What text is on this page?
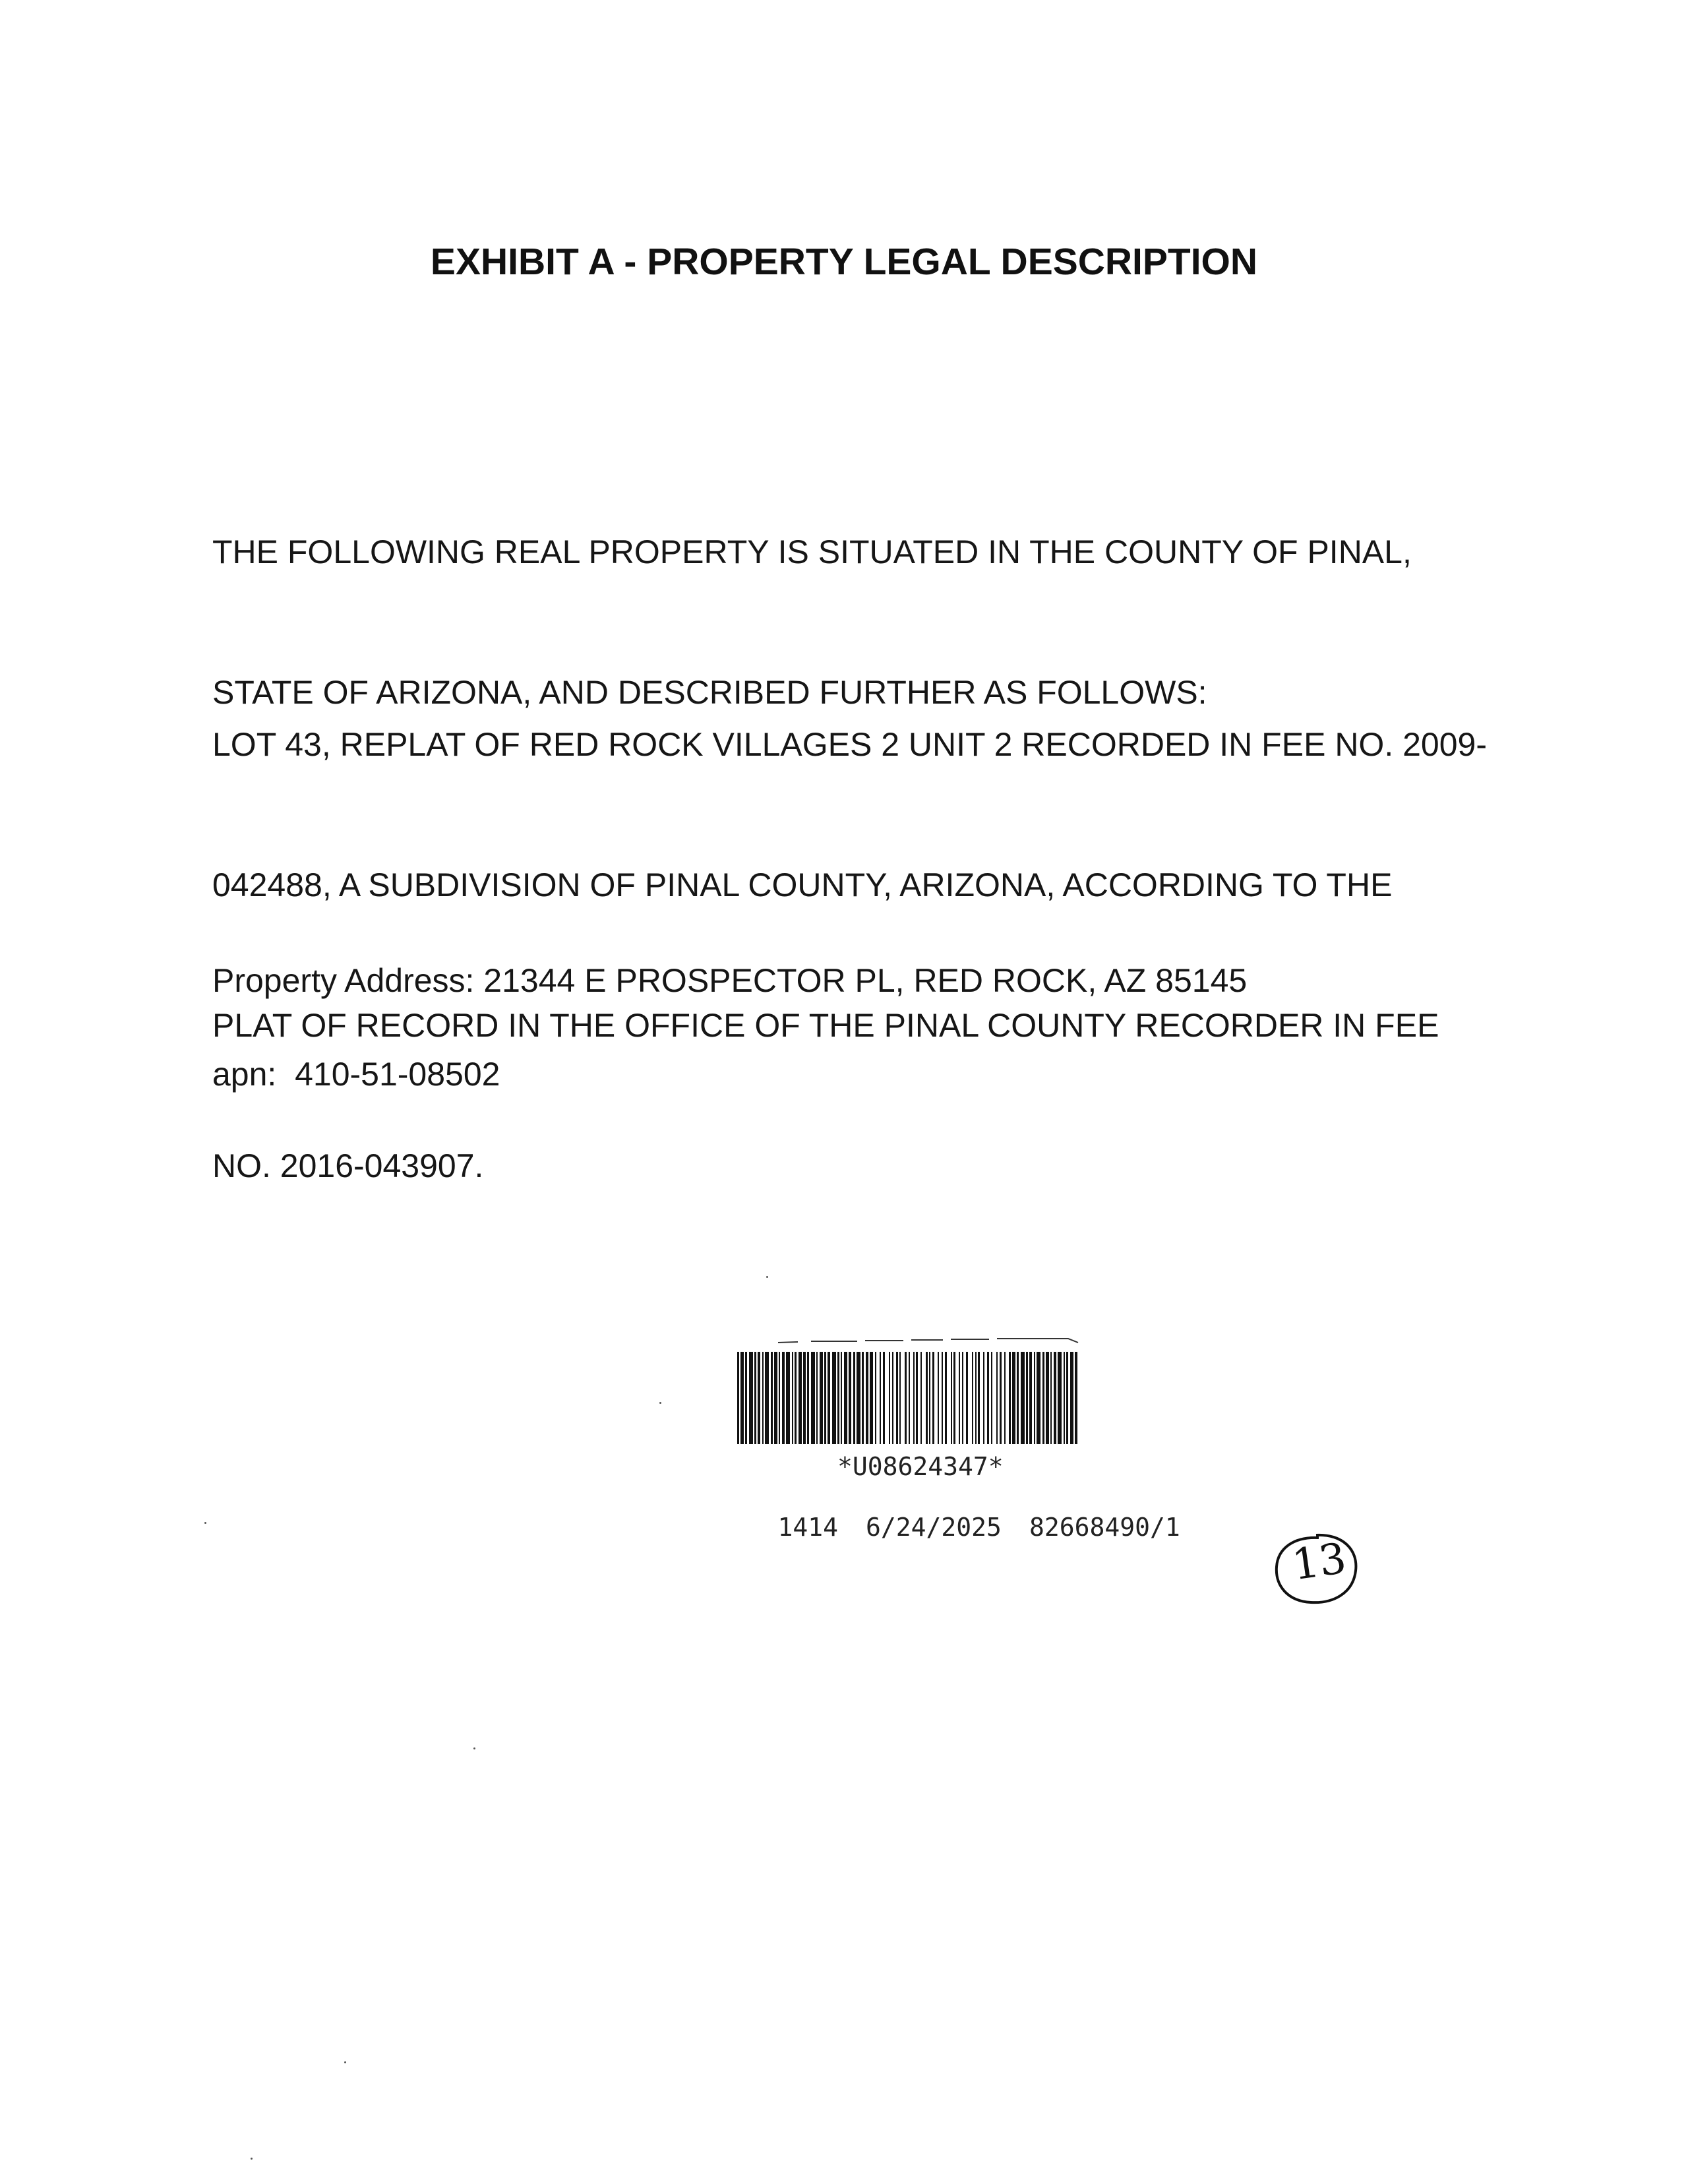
EXHIBIT A - PROPERTY LEGAL DESCRIPTION

THE FOLLOWING REAL PROPERTY IS SITUATED IN THE COUNTY OF PINAL,

STATE OF ARIZONA, AND DESCRIBED FURTHER AS FOLLOWS:

LOT 43, REPLAT OF RED ROCK VILLAGES 2 UNIT 2 RECORDED IN FEE NO. 2009-

042488, A SUBDIVISION OF PINAL COUNTY, ARIZONA, ACCORDING TO THE

PLAT OF RECORD IN THE OFFICE OF THE PINAL COUNTY RECORDER IN FEE

NO. 2016-043907.

Property Address: 21344 E PROSPECTOR PL, RED ROCK, AZ 85145
apn:  410-51-08502
*U08624347*

1414 6/24/2025 82668490/1

13
